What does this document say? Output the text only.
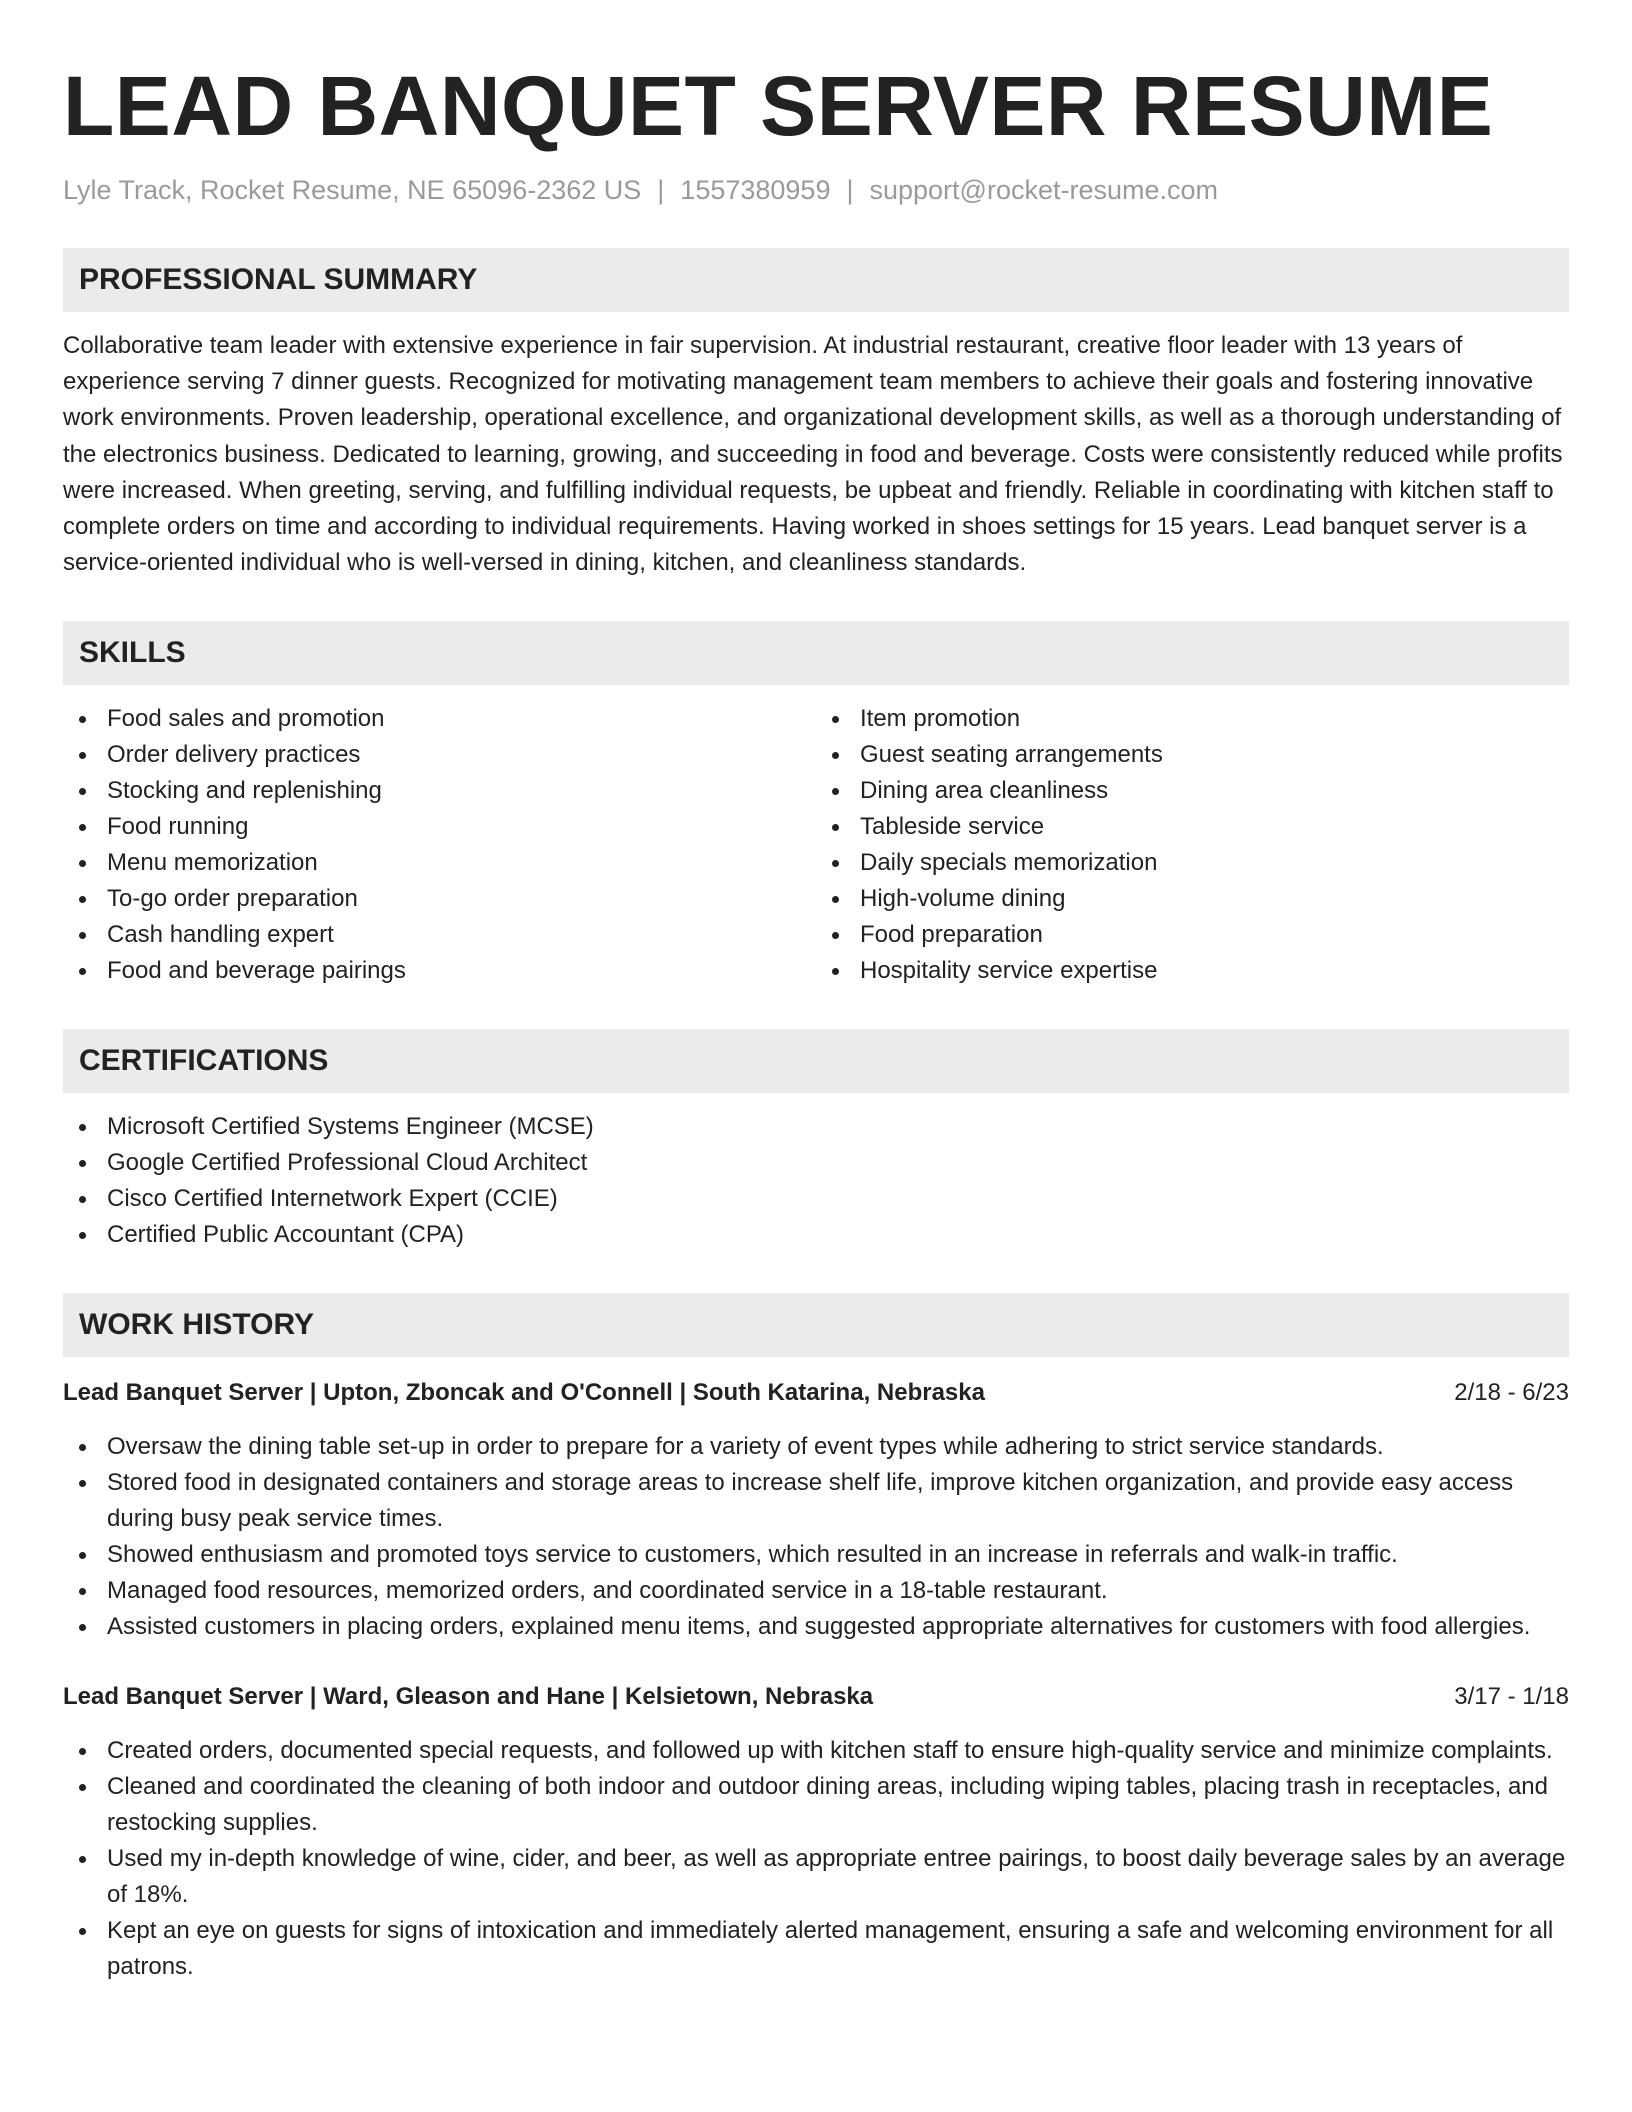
LEAD BANQUET SERVER RESUME
Lyle Track, Rocket Resume, NE 65096-2362 US | 1557380959 | support@rocket-resume.com
PROFESSIONAL SUMMARY

Collaborative team leader with extensive experience in fair supervision. At industrial restaurant, creative floor leader with 13 years of experience serving 7 dinner guests. Recognized for motivating management team members to achieve their goals and fostering innovative work environments. Proven leadership, operational excellence, and organizational development skills, as well as a thorough understanding of the electronics business. Dedicated to learning, growing, and succeeding in food and beverage. Costs were consistently reduced while profits were increased. When greeting, serving, and fulfilling individual requests, be upbeat and friendly. Reliable in coordinating with kitchen staff to complete orders on time and according to individual requirements. Having worked in shoes settings for 15 years. Lead banquet server is a service-oriented individual who is well-versed in dining, kitchen, and cleanliness standards.

SKILLS
Food sales and promotion
Order delivery practices
Stocking and replenishing
Food running
Menu memorization
To-go order preparation
Cash handling expert
Food and beverage pairings
Item promotion
Guest seating arrangements
Dining area cleanliness
Tableside service
Daily specials memorization
High-volume dining
Food preparation
Hospitality service expertise
CERTIFICATIONS
Microsoft Certified Systems Engineer (MCSE)
Google Certified Professional Cloud Architect
Cisco Certified Internetwork Expert (CCIE)
Certified Public Accountant (CPA)
WORK HISTORY
Lead Banquet Server | Upton, Zboncak and O'Connell | South Katarina, Nebraska	2/18 - 6/23
Oversaw the dining table set-up in order to prepare for a variety of event types while adhering to strict service standards.
Stored food in designated containers and storage areas to increase shelf life, improve kitchen organization, and provide easy access during busy peak service times.
Showed enthusiasm and promoted toys service to customers, which resulted in an increase in referrals and walk-in traffic.
Managed food resources, memorized orders, and coordinated service in a 18-table restaurant.
Assisted customers in placing orders, explained menu items, and suggested appropriate alternatives for customers with food allergies.
Lead Banquet Server | Ward, Gleason and Hane | Kelsietown, Nebraska	3/17 - 1/18
Created orders, documented special requests, and followed up with kitchen staff to ensure high-quality service and minimize complaints.
Cleaned and coordinated the cleaning of both indoor and outdoor dining areas, including wiping tables, placing trash in receptacles, and restocking supplies.
Used my in-depth knowledge of wine, cider, and beer, as well as appropriate entree pairings, to boost daily beverage sales by an average of 18%.
Kept an eye on guests for signs of intoxication and immediately alerted management, ensuring a safe and welcoming environment for all patrons.
